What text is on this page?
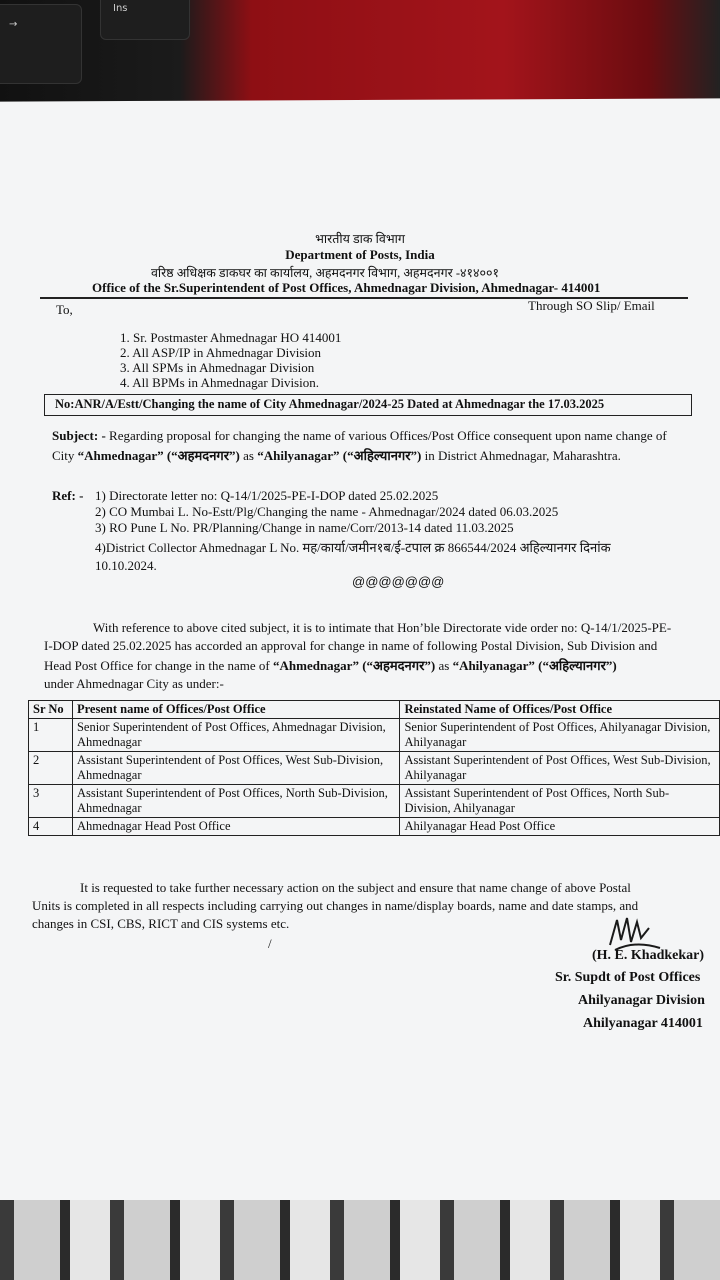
→
Ins
भारतीय डाक विभाग
Department of Posts, India
वरिष्ठ अधिक्षक डाकघर का कार्यालय, अहमदनगर विभाग, अहमदनगर -४१४००१
Office of the Sr.Superintendent of Post Offices, Ahmednagar Division, Ahmednagar- 414001
To,	Through SO Slip/ Email
1. Sr. Postmaster Ahmednagar HO 414001
2. All ASP/IP in Ahmednagar Division
3. All SPMs in Ahmednagar Division
4. All BPMs in Ahmednagar Division.
No:ANR/A/Estt/Changing the name of City Ahmednagar/2024-25 Dated at Ahmednagar the 17.03.2025
Subject: - Regarding proposal for changing the name of various Offices/Post Office consequent upon name change of
City “Ahmednagar” (“अहमदनगर”) as “Ahilyanagar” (“अहिल्यानगर”) in District Ahmednagar, Maharashtra.
Ref: - 1) Directorate letter no: Q-14/1/2025-PE-I-DOP dated 25.02.2025
2) CO Mumbai L. No-Estt/Plg/Changing the name - Ahmednagar/2024 dated 06.03.2025
3) RO Pune L No. PR/Planning/Change in name/Corr/2013-14 dated 11.03.2025
4)District Collector Ahmednagar L No. मह/कार्या/जमीन१ब/ई-टपाल क्र 866544/2024 अहिल्यानगर दिनांक
10.10.2024.
@@@@@@@
With reference to above cited subject, it is to intimate that Hon’ble Directorate vide order no: Q-14/1/2025-PE-
I-DOP dated 25.02.2025 has accorded an approval for change in name of following Postal Division, Sub Division and
Head Post Office for change in the name of “Ahmednagar” (“अहमदनगर”) as “Ahilyanagar” (“अहिल्यानगर”)
under Ahmednagar City as under:-
Sr No	Present name of Offices/Post Office	Reinstated Name of Offices/Post Office
1	Senior Superintendent of Post Offices, Ahmednagar Division, Ahmednagar	Senior Superintendent of Post Offices, Ahilyanagar Division, Ahilyanagar
2	Assistant Superintendent of Post Offices, West Sub-Division, Ahmednagar	Assistant Superintendent of Post Offices, West Sub-Division, Ahilyanagar
3	Assistant Superintendent of Post Offices, North Sub-Division, Ahmednagar	Assistant Superintendent of Post Offices, North Sub-Division, Ahilyanagar
4	Ahmednagar Head Post Office	Ahilyanagar Head Post Office
It is requested to take further necessary action on the subject and ensure that name change of above Postal
Units is completed in all respects including carrying out changes in name/display boards, name and date stamps, and
changes in CSI, CBS, RICT and CIS systems etc.
/
(H. E. Khadkekar)
Sr. Supdt of Post Offices
Ahilyanagar Division
Ahilyanagar 414001
